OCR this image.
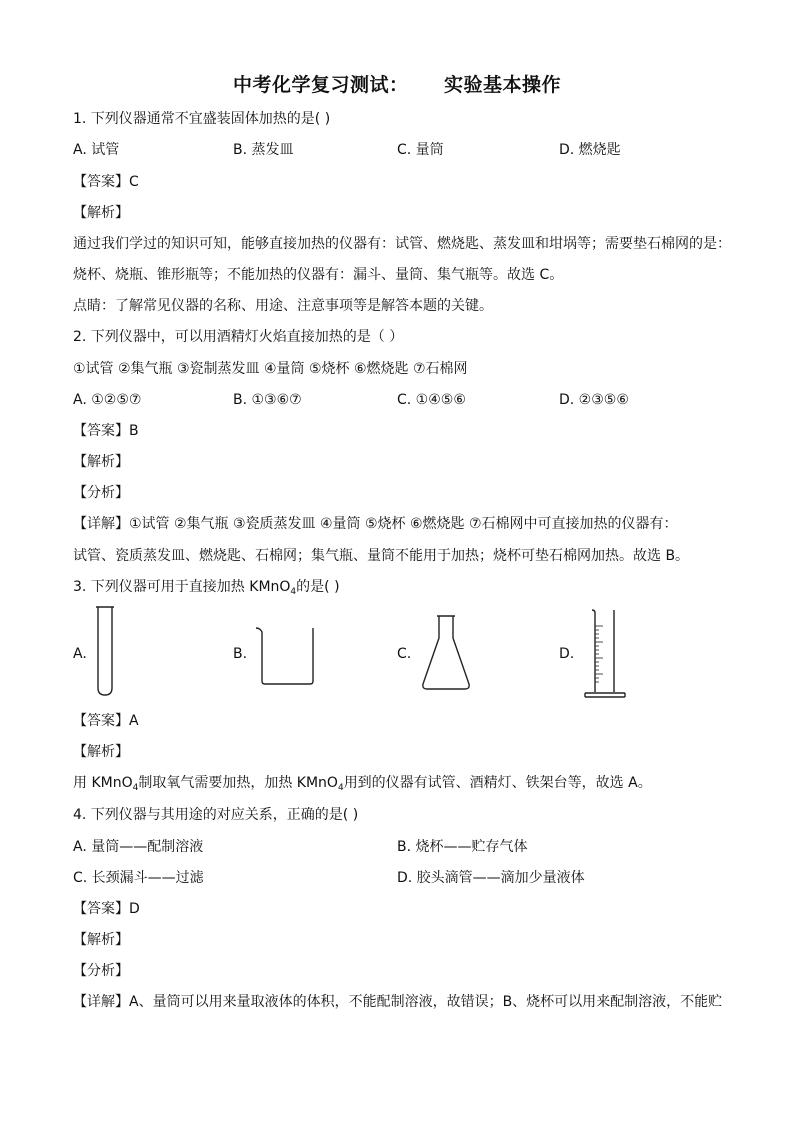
中考化学复习测试：     实验基本操作
1. 下列仪器通常不宜盛装固体加热的是( )
A. 试管	B. 蒸发皿	C. 量筒	D. 燃烧匙
【答案】C
【解析】
通过我们学过的知识可知，能够直接加热的仪器有：试管、燃烧匙、蒸发皿和坩埚等；需要垫石棉网的是：
烧杯、烧瓶、锥形瓶等；不能加热的仪器有：漏斗、量筒、集气瓶等。故选 C。
点睛：了解常见仪器的名称、用途、注意事项等是解答本题的关键。
2. 下列仪器中，可以用酒精灯火焰直接加热的是（ ）
①试管 ②集气瓶 ③瓷制蒸发皿 ④量筒 ⑤烧杯 ⑥燃烧匙 ⑦石棉网
A. ①②⑤⑦	B. ①③⑥⑦	C. ①④⑤⑥	D. ②③⑤⑥
【答案】B
【解析】
【分析】
【详解】①试管 ②集气瓶 ③瓷质蒸发皿 ④量筒 ⑤烧杯 ⑥燃烧匙 ⑦石棉网中可直接加热的仪器有：
试管、瓷质蒸发皿、燃烧匙、石棉网；集气瓶、量筒不能用于加热；烧杯可垫石棉网加热。故选 B。
3. 下列仪器可用于直接加热 KMnO$_4$的是( )
A.	B.	C.	D.
【答案】A
【解析】
用 KMnO$_4$制取氧气需要加热，加热 KMnO$_4$用到的仪器有试管、酒精灯、铁架台等，故选 A。
4. 下列仪器与其用途的对应关系，正确的是( )
A. 量筒——配制溶液	B. 烧杯——贮存气体
C. 长颈漏斗——过滤	D. 胶头滴管——滴加少量液体
【答案】D
【解析】
【分析】
【详解】A、量筒可以用来量取液体的体积，不能配制溶液，故错误；B、烧杯可以用来配制溶液，不能贮
